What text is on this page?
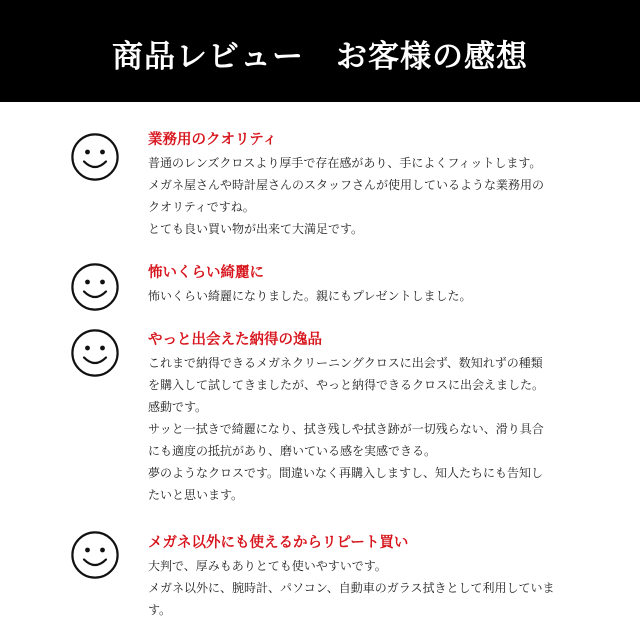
商品レビュー　お客様の感想
業務用のクオリティ
普通のレンズクロスより厚手で存在感があり、手によくフィットします。
メガネ屋さんや時計屋さんのスタッフさんが使用しているような業務用の
クオリティですね。
とても良い買い物が出来て大満足です。
怖いくらい綺麗に
怖いくらい綺麗になりました。親にもプレゼントしました。
やっと出会えた納得の逸品
これまで納得できるメガネクリーニングクロスに出会ず、数知れずの種類
を購入して試してきましたが、やっと納得できるクロスに出会えました。
感動です。
サッと一拭きで綺麗になり、拭き残しや拭き跡が一切残らない、滑り具合
にも適度の抵抗があり、磨いている感を実感できる。
夢のようなクロスです。間違いなく再購入しますし、知人たちにも告知し
たいと思います。
メガネ以外にも使えるからリピート買い
大判で、厚みもありとても使いやすいです。
メガネ以外に、腕時計、パソコン、自動車のガラス拭きとして利用していま
す。
